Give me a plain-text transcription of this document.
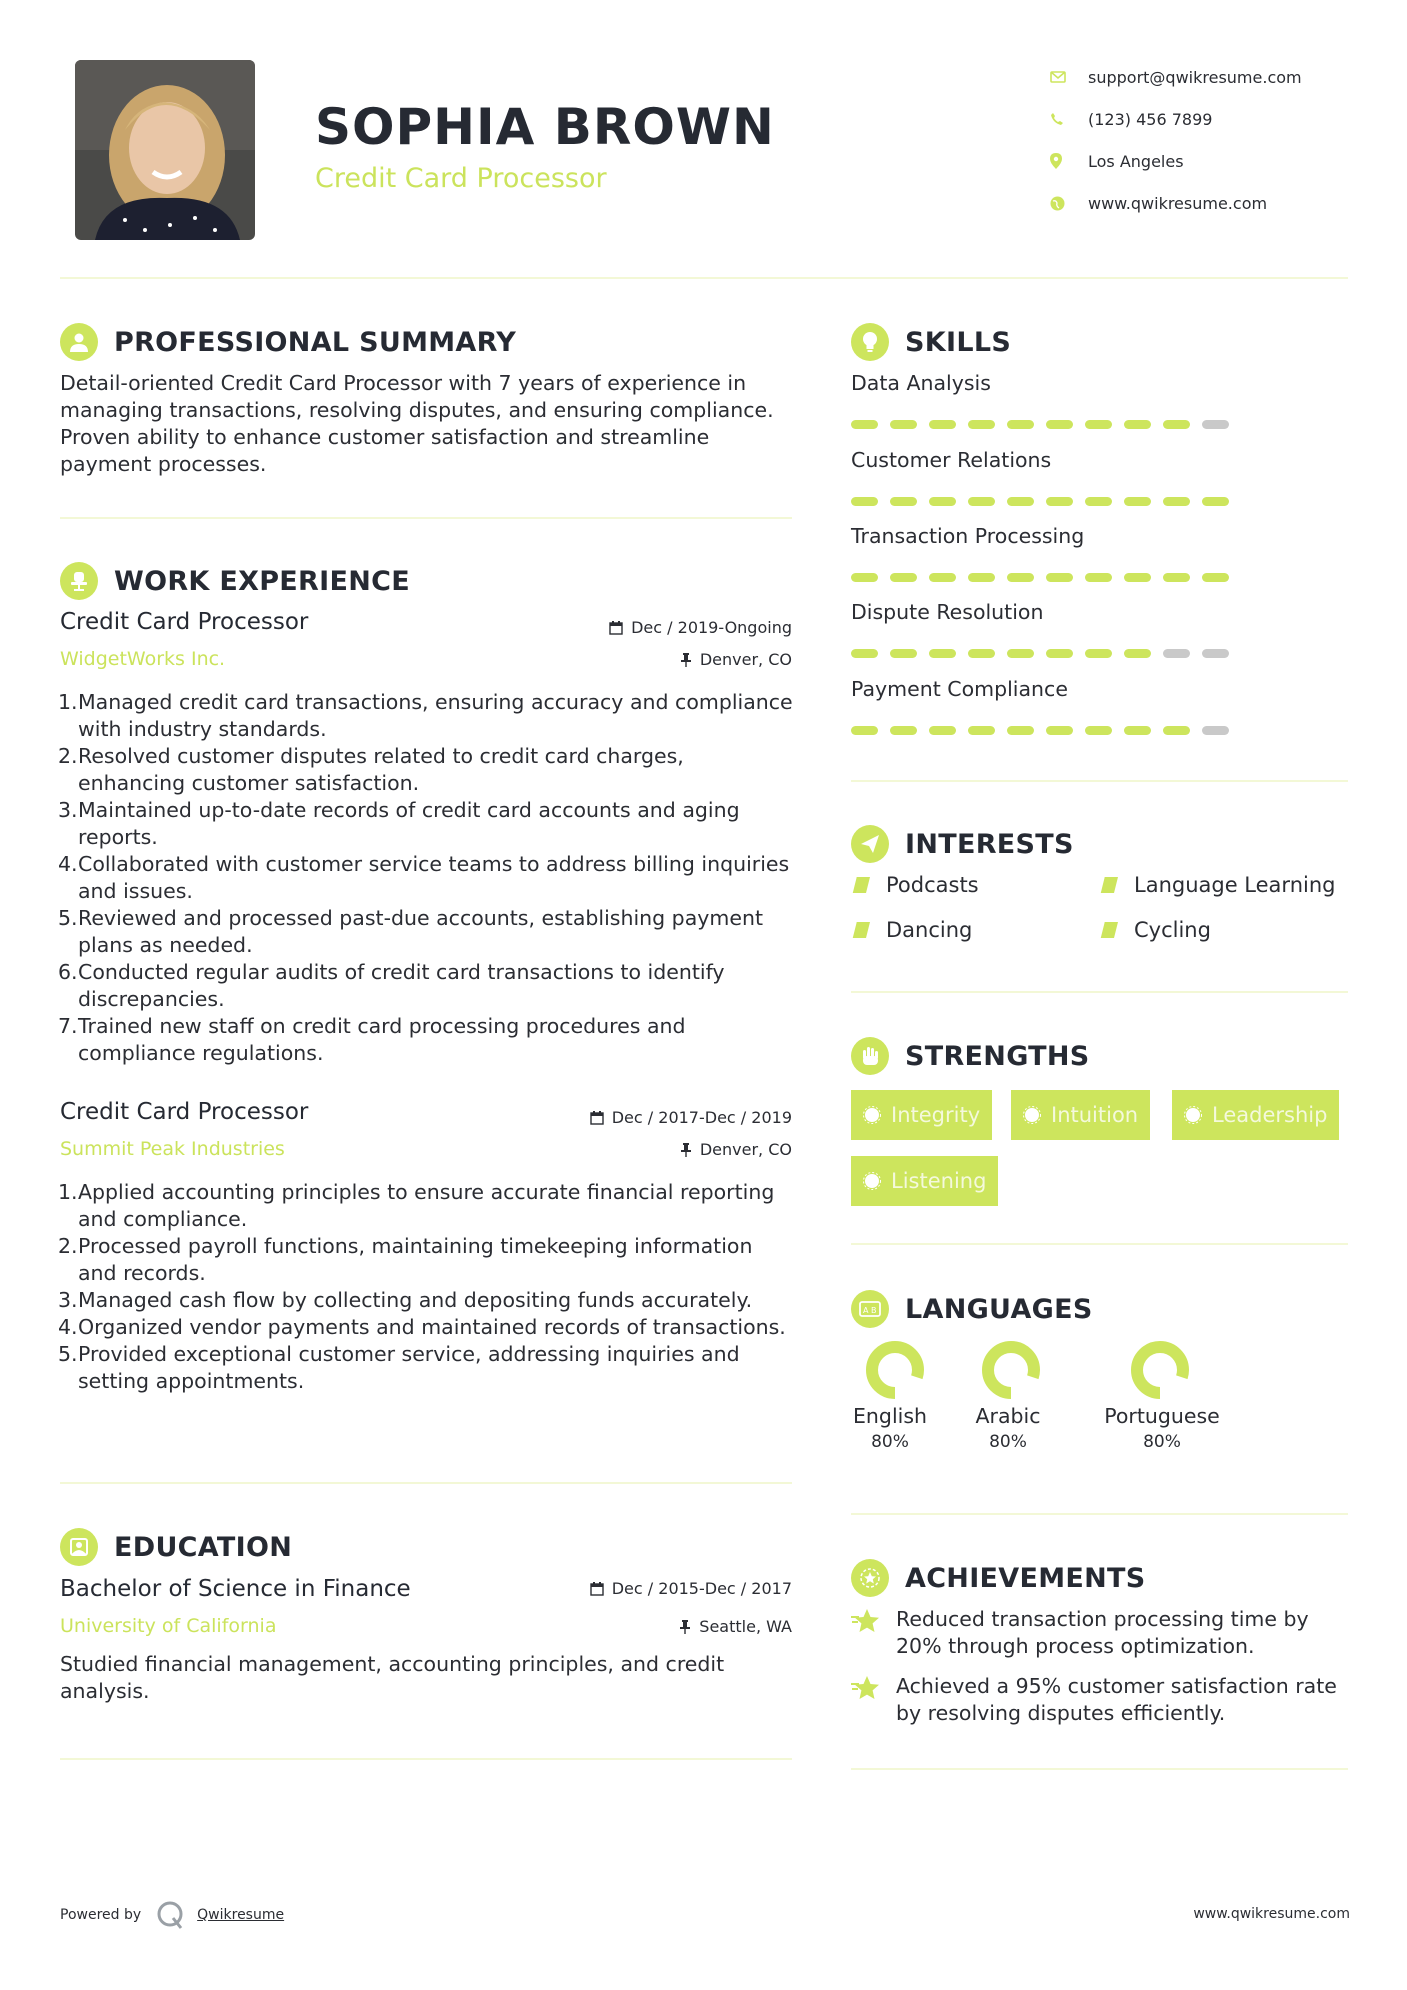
SOPHIA BROWN
Credit Card Processor
support@qwikresume.com
(123) 456 7899
Los Angeles
www.qwikresume.com
PROFESSIONAL SUMMARY
Detail-oriented Credit Card Processor with 7 years of experience in managing transactions, resolving disputes, and ensuring compliance. Proven ability to enhance customer satisfaction and streamline payment processes.
WORK EXPERIENCE
Credit Card Processor	Dec / 2019-Ongoing
WidgetWorks Inc.	Denver, CO
1. Managed credit card transactions, ensuring accuracy and compliance with industry standards.
2. Resolved customer disputes related to credit card charges, enhancing customer satisfaction.
3. Maintained up-to-date records of credit card accounts and aging reports.
4. Collaborated with customer service teams to address billing inquiries and issues.
5. Reviewed and processed past-due accounts, establishing payment plans as needed.
6. Conducted regular audits of credit card transactions to identify discrepancies.
7. Trained new staff on credit card processing procedures and compliance regulations.
Credit Card Processor	Dec / 2017-Dec / 2019
Summit Peak Industries	Denver, CO
1. Applied accounting principles to ensure accurate financial reporting and compliance.
2. Processed payroll functions, maintaining timekeeping information and records.
3. Managed cash flow by collecting and depositing funds accurately.
4. Organized vendor payments and maintained records of transactions.
5. Provided exceptional customer service, addressing inquiries and setting appointments.
EDUCATION
Bachelor of Science in Finance	Dec / 2015-Dec / 2017
University of California	Seattle, WA
Studied financial management, accounting principles, and credit analysis.
SKILLS
Data Analysis
Customer Relations
Transaction Processing
Dispute Resolution
Payment Compliance
INTERESTS
Podcasts	Language Learning
Dancing	Cycling
STRENGTHS
Integrity	Intuition	Leadership
Listening
A B LANGUAGES
English
80%
Arabic
80%
Portuguese
80%
ACHIEVEMENTS
Reduced transaction processing time by 20% through process optimization.
Achieved a 95% customer satisfaction rate by resolving disputes efficiently.
Powered by	Qwikresume	www.qwikresume.com
